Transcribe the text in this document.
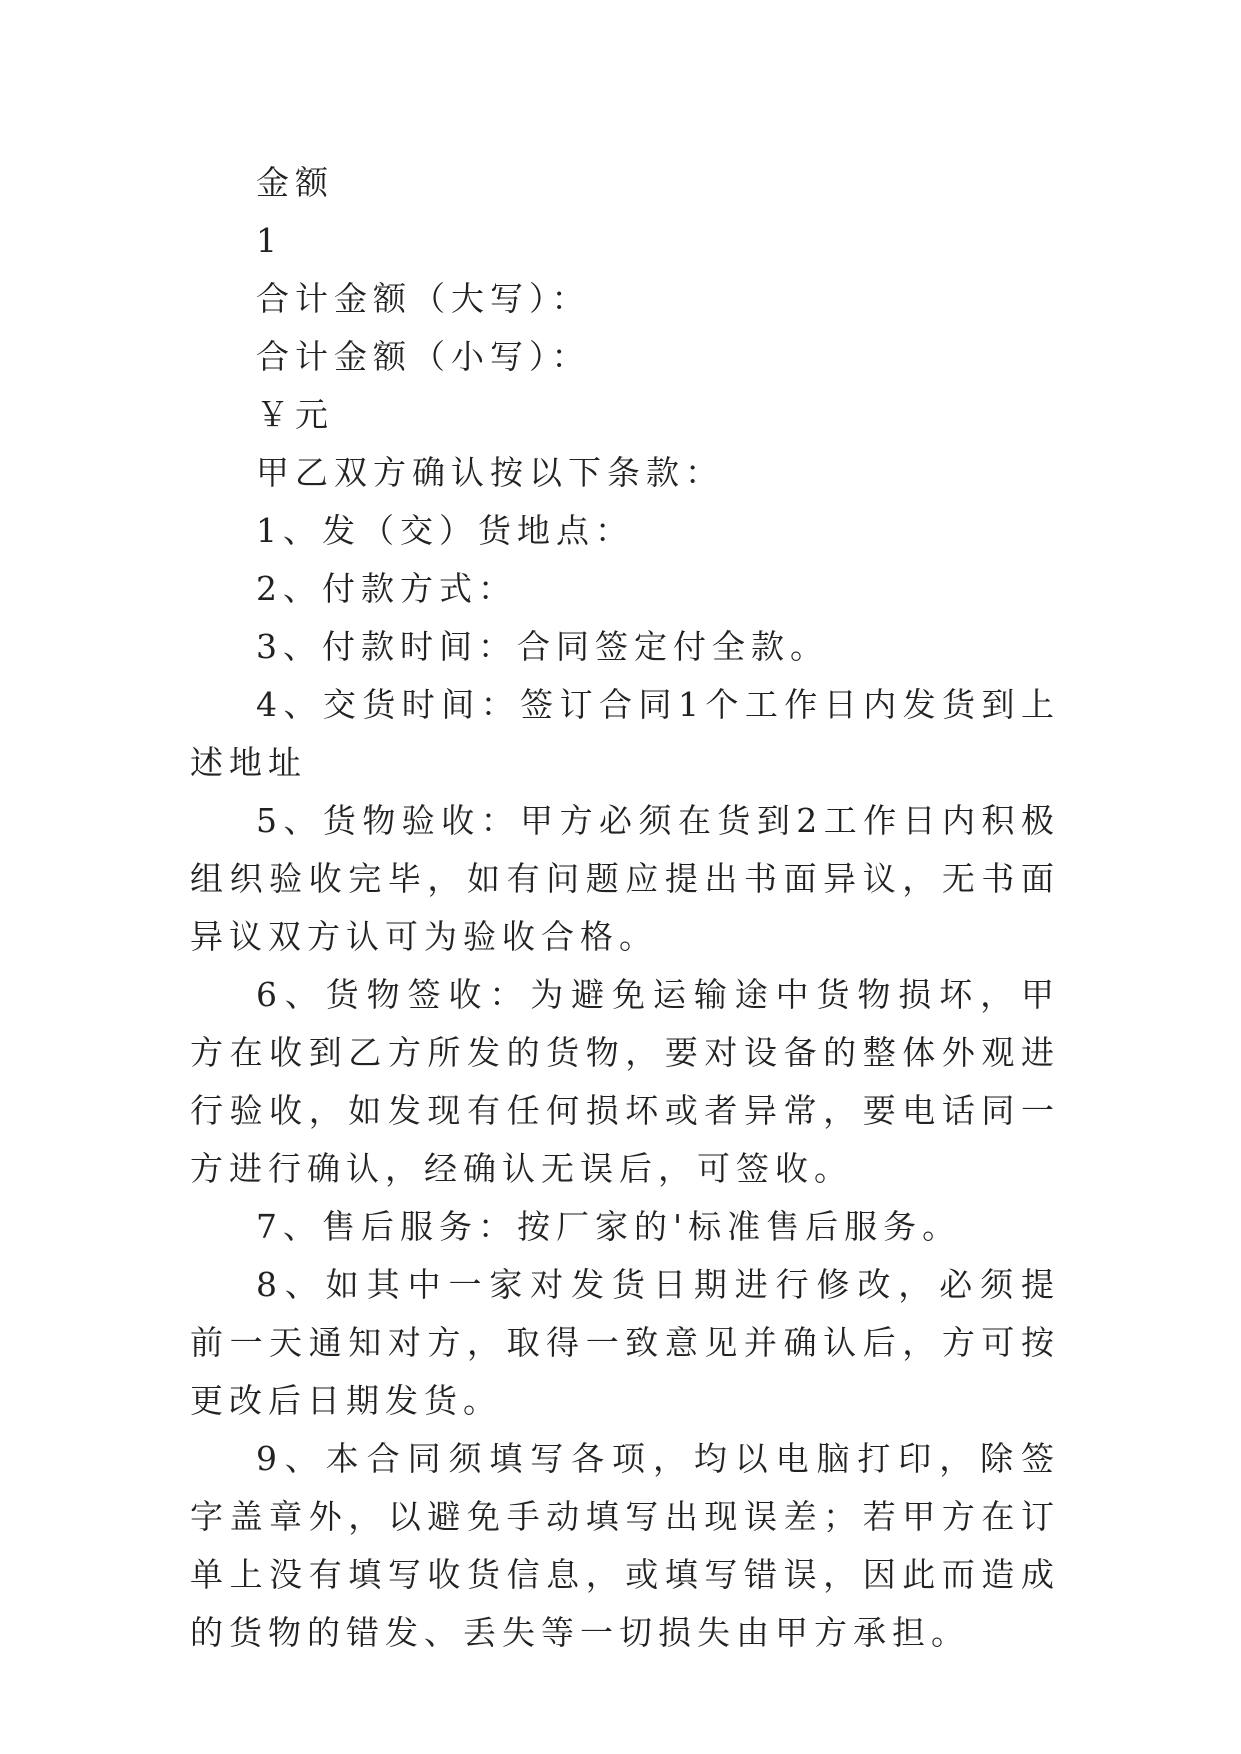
金额

1

合计金额（大写）：

合计金额（小写）：

￥元

甲乙双方确认按以下条款：

1、发（交）货地点：

2、付款方式：

3、付款时间：合同签定付全款。

4、交货时间：签订合同1个工作日内发货到上述地址

5、货物验收：甲方必须在货到2工作日内积极组织验收完毕，如有问题应提出书面异议，无书面异议双方认可为验收合格。

6、货物签收：为避免运输途中货物损坏，甲方在收到乙方所发的货物，要对设备的整体外观进行验收，如发现有任何损坏或者异常，要电话同一方进行确认，经确认无误后，可签收。

7、售后服务：按厂家的'标准售后服务。

8、如其中一家对发货日期进行修改，必须提前一天通知对方，取得一致意见并确认后，方可按更改后日期发货。

9、本合同须填写各项，均以电脑打印，除签字盖章外，以避免手动填写出现误差；若甲方在订单上没有填写收货信息，或填写错误，因此而造成的货物的错发、丢失等一切损失由甲方承担。
